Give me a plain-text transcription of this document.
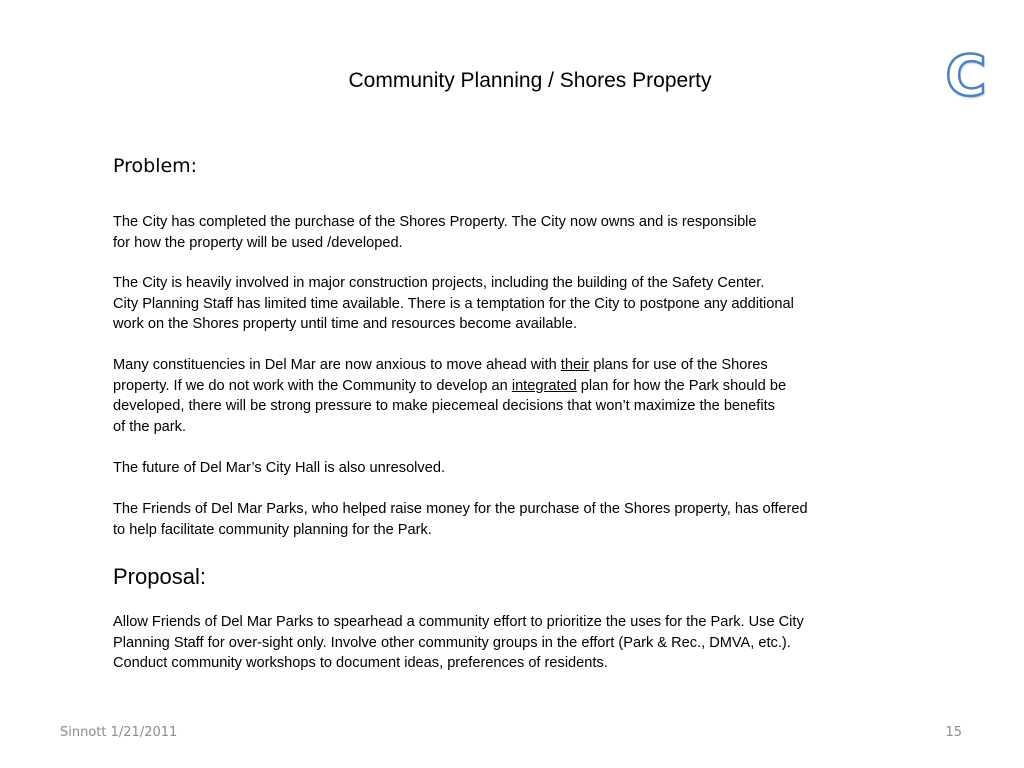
Community Planning / Shores Property	C
Problem:
The City has completed the purchase of the Shores Property. The City now owns and is responsible
for how the property will be used /developed.
The City is heavily involved in major construction projects, including the building of the Safety Center.
City Planning Staff has limited time available. There is a temptation for the City to postpone any additional
work on the Shores property until time and resources become available.
Many constituencies in Del Mar are now anxious to move ahead with their plans for use of the Shores
property. If we do not work with the Community to develop an integrated plan for how the Park should be
developed, there will be strong pressure to make piecemeal decisions that won’t maximize the benefits
of the park.
The future of Del Mar’s City Hall is also unresolved.
The Friends of Del Mar Parks, who helped raise money for the purchase of the Shores property, has offered
to help facilitate community planning for the Park.
Proposal:
Allow Friends of Del Mar Parks to spearhead a community effort to prioritize the uses for the Park. Use City
Planning Staff for over-sight only. Involve other community groups in the effort (Park & Rec., DMVA, etc.).
Conduct community workshops to document ideas, preferences of residents.
Sinnott 1/21/2011	15
